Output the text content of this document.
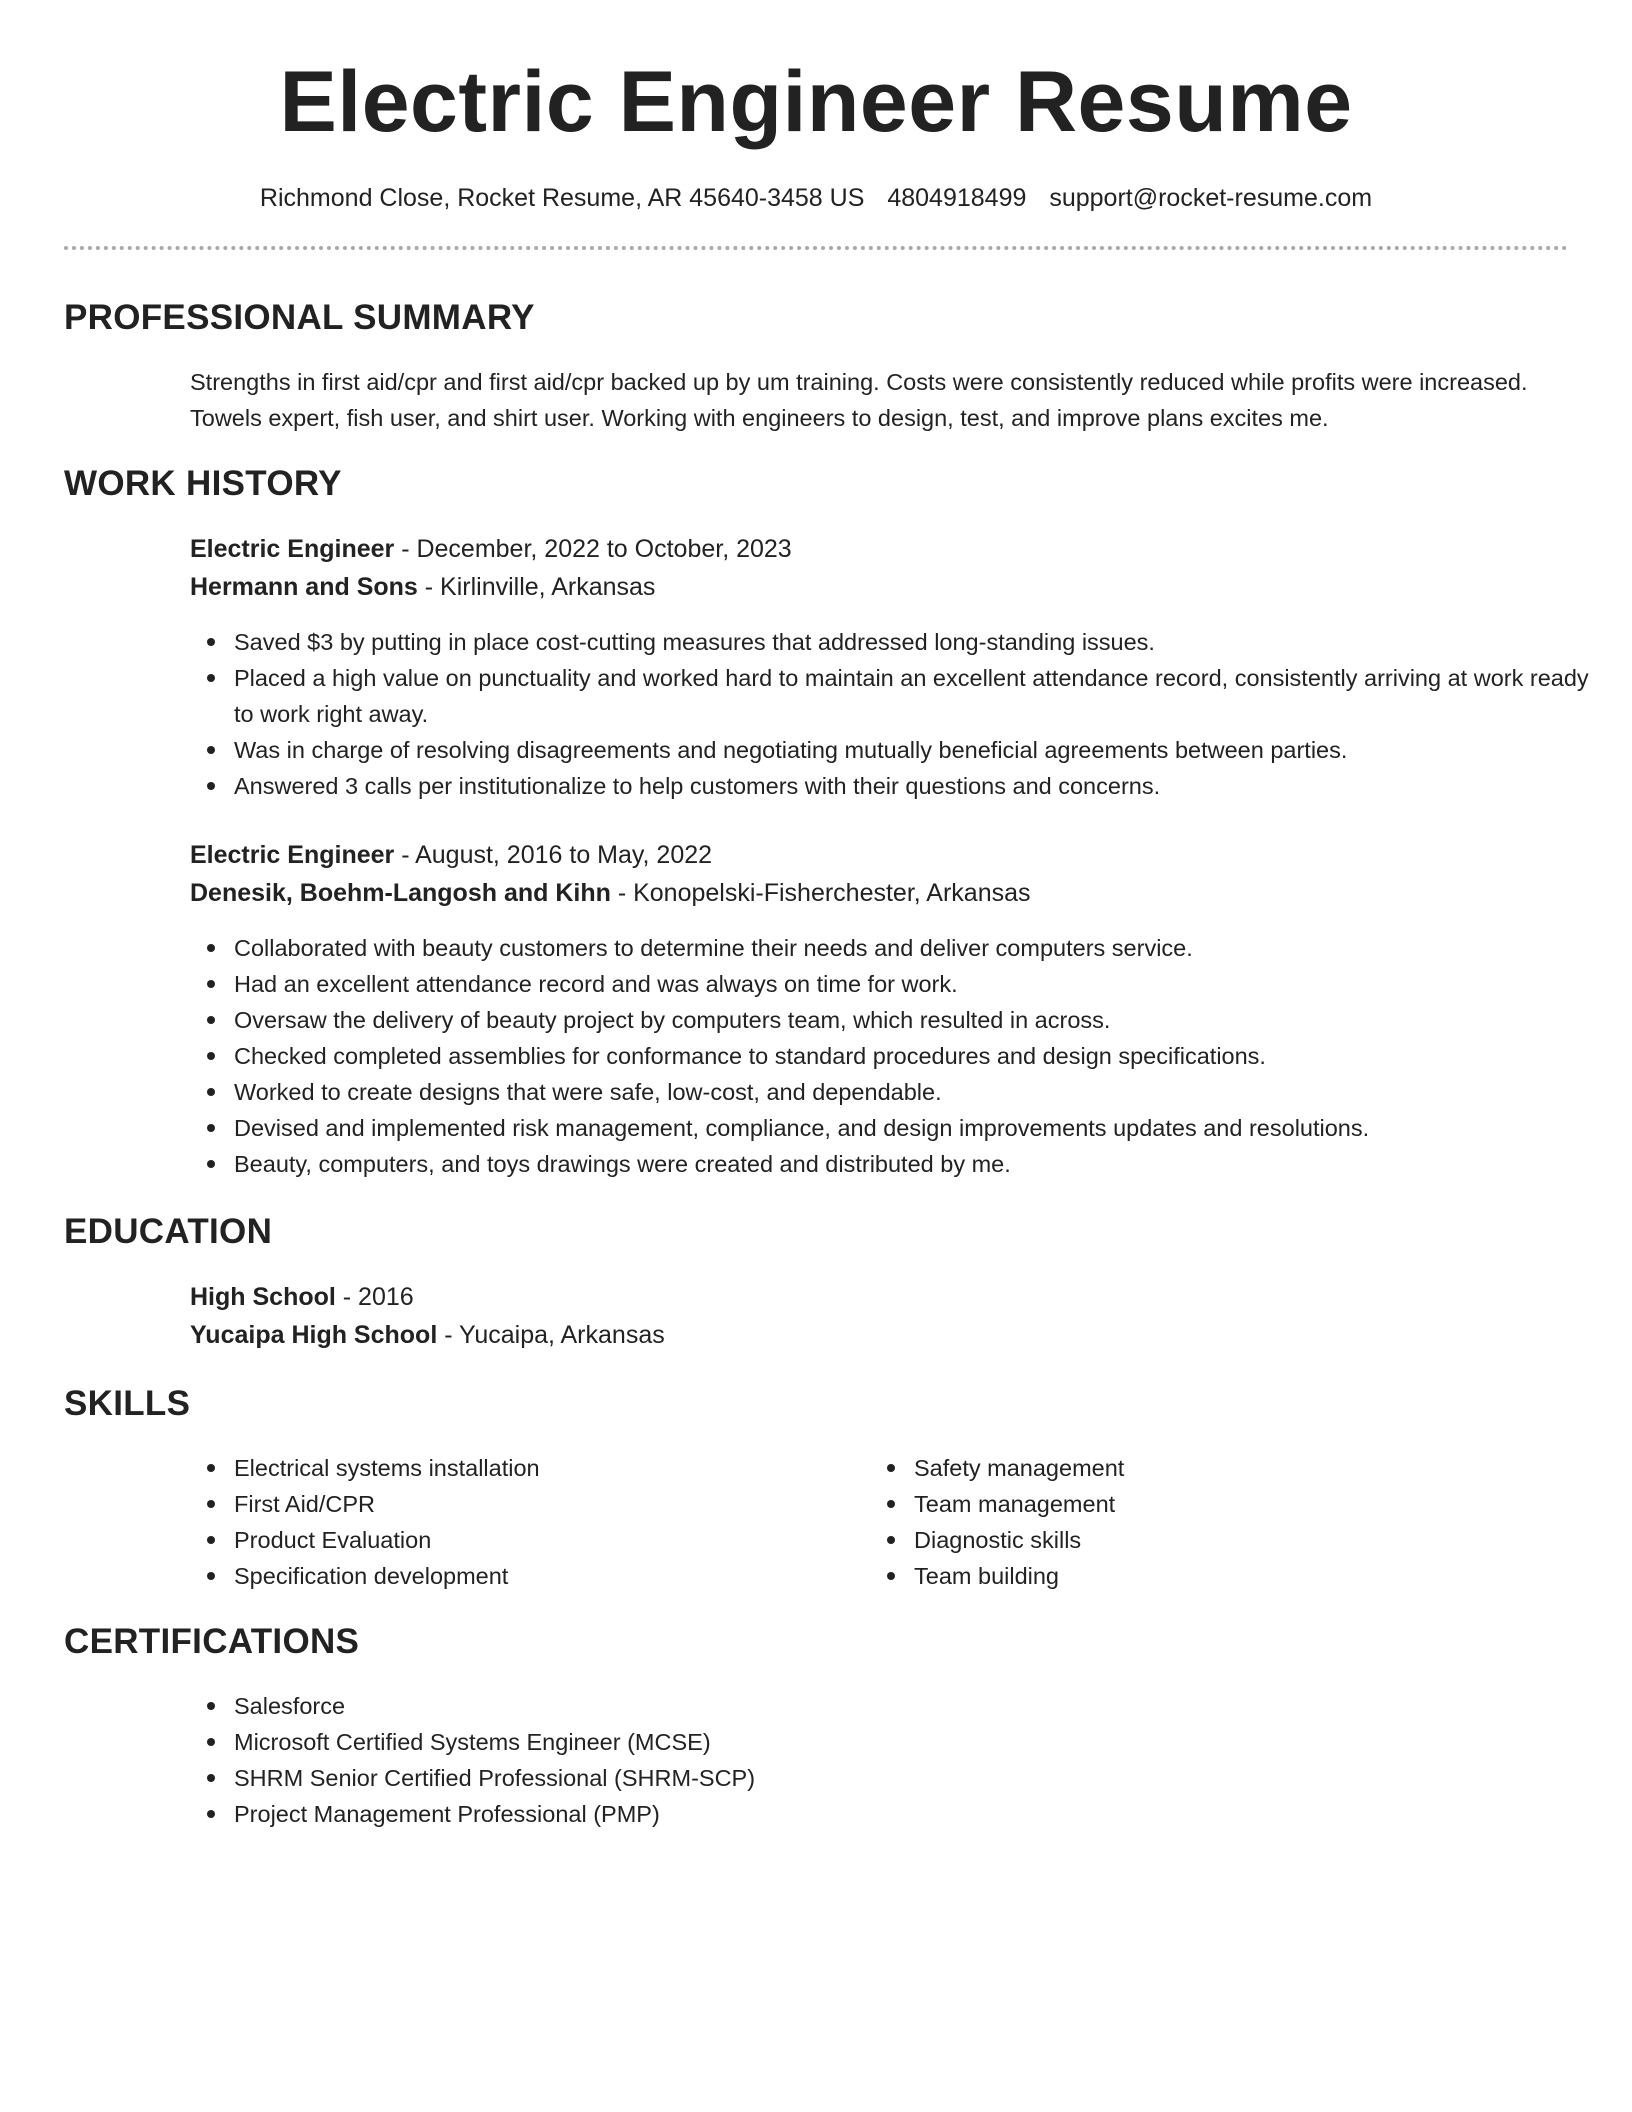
Electric Engineer Resume
Richmond Close, Rocket Resume, AR 45640-3458 US 4804918499 support@rocket-resume.com
PROFESSIONAL SUMMARY

Strengths in first aid/cpr and first aid/cpr backed up by um training. Costs were consistently reduced while profits were increased. Towels expert, fish user, and shirt user. Working with engineers to design, test, and improve plans excites me.

WORK HISTORY

Electric Engineer - December, 2022 to October, 2023

Hermann and Sons - Kirlinville, Arkansas

Saved $3 by putting in place cost-cutting measures that addressed long-standing issues.
Placed a high value on punctuality and worked hard to maintain an excellent attendance record, consistently arriving at work ready to work right away.
Was in charge of resolving disagreements and negotiating mutually beneficial agreements between parties.
Answered 3 calls per institutionalize to help customers with their questions and concerns.

Electric Engineer - August, 2016 to May, 2022

Denesik, Boehm-Langosh and Kihn - Konopelski-Fisherchester, Arkansas

Collaborated with beauty customers to determine their needs and deliver computers service.
Had an excellent attendance record and was always on time for work.
Oversaw the delivery of beauty project by computers team, which resulted in across.
Checked completed assemblies for conformance to standard procedures and design specifications.
Worked to create designs that were safe, low-cost, and dependable.
Devised and implemented risk management, compliance, and design improvements updates and resolutions.
Beauty, computers, and toys drawings were created and distributed by me.
EDUCATION

High School - 2016

Yucaipa High School - Yucaipa, Arkansas

SKILLS
Electrical systems installation
First Aid/CPR
Product Evaluation
Specification development
Safety management
Team management
Diagnostic skills
Team building
CERTIFICATIONS
Salesforce
Microsoft Certified Systems Engineer (MCSE)
SHRM Senior Certified Professional (SHRM-SCP)
Project Management Professional (PMP)
